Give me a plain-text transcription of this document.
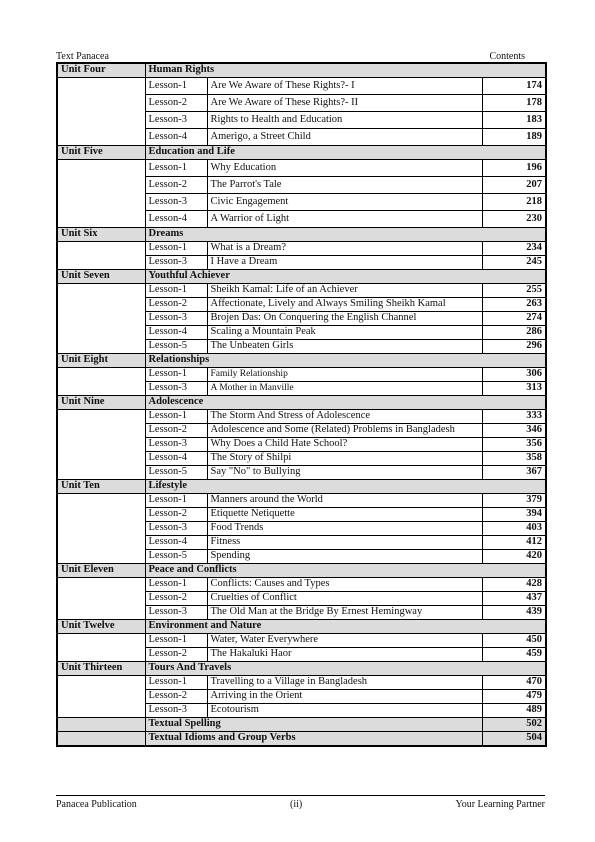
Text Panacea	Contents
Unit Four	Human Rights		
	Lesson-1	Are We Aware of These Rights?- I	174
	Lesson-2	Are We Aware of These Rights?- II	178
	Lesson-3	Rights to Health and Education	183
	Lesson-4	Amerigo, a Street Child	189
Unit Five	Education and Life		
	Lesson-1	Why Education	196
	Lesson-2	The Parrot's Tale	207
	Lesson-3	Civic Engagement	218
	Lesson-4	A Warrior of Light	230
Unit Six	Dreams		
	Lesson-1	What is a Dream?	234
	Lesson-3	I Have a Dream	245
Unit Seven	Youthful Achiever		
	Lesson-1	Sheikh Kamal: Life of an Achiever	255
	Lesson-2	Affectionate, Lively and Always Smiling Sheikh Kamal	263
	Lesson-3	Brojen Das: On Conquering the English Channel	274
	Lesson-4	Scaling a Mountain Peak	286
	Lesson-5	The Unbeaten Girls	296
Unit Eight	Relationships		
	Lesson-1	Family Relationship	306
	Lesson-3	A Mother in Manville	313
Unit Nine	Adolescence		
	Lesson-1	The Storm And Stress of Adolescence	333
	Lesson-2	Adolescence and Some (Related) Problems in Bangladesh	346
	Lesson-3	Why Does a Child Hate School?	356
	Lesson-4	The Story of Shilpi	358
	Lesson-5	Say "No" to Bullying	367
Unit Ten	Lifestyle		
	Lesson-1	Manners around the World	379
	Lesson-2	Etiquette Netiquette	394
	Lesson-3	Food Trends	403
	Lesson-4	Fitness	412
	Lesson-5	Spending	420
Unit Eleven	Peace and Conflicts		
	Lesson-1	Conflicts: Causes and Types	428
	Lesson-2	Cruelties of Conflict	437
	Lesson-3	The Old Man at the Bridge By Ernest Hemingway	439
Unit Twelve	Environment and Nature		
	Lesson-1	Water, Water Everywhere	450
	Lesson-2	The Hakaluki Haor	459
Unit Thirteen	Tours And Travels		
	Lesson-1	Travelling to a Village in Bangladesh	470
	Lesson-2	Arriving in the Orient	479
	Lesson-3	Ecotourism	489
	Textual Spelling		502
	Textual Idioms and Group Verbs		504
Panacea Publication	(ii)	Your Learning Partner
